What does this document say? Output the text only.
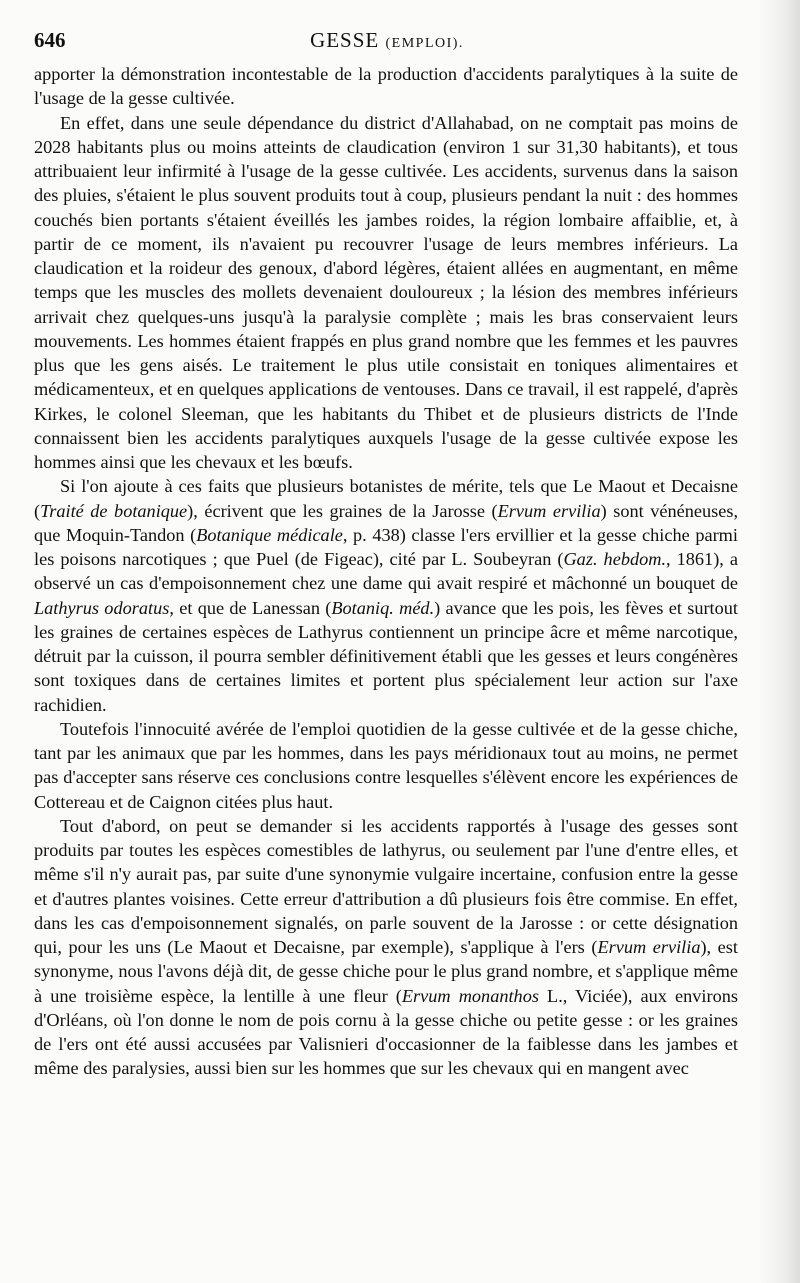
646	GESSE (EMPLOI).

apporter la démonstration incontestable de la production d'accidents paralytiques à la suite de l'usage de la gesse cultivée.

En effet, dans une seule dépendance du district d'Allahabad, on ne comptait pas moins de 2028 habitants plus ou moins atteints de claudication (environ 1 sur 31,30 habitants), et tous attribuaient leur infirmité à l'usage de la gesse cultivée. Les accidents, survenus dans la saison des pluies, s'étaient le plus souvent produits tout à coup, plusieurs pendant la nuit : des hommes couchés bien portants s'étaient éveillés les jambes roides, la région lombaire affaiblie, et, à partir de ce moment, ils n'avaient pu recouvrer l'usage de leurs membres inférieurs. La claudication et la roideur des genoux, d'abord légères, étaient allées en augmentant, en même temps que les muscles des mollets devenaient douloureux ; la lésion des membres inférieurs arrivait chez quelques-uns jusqu'à la paralysie complète ; mais les bras conservaient leurs mouvements. Les hommes étaient frappés en plus grand nombre que les femmes et les pauvres plus que les gens aisés. Le traitement le plus utile consistait en toniques alimentaires et médicamenteux, et en quelques applications de ventouses. Dans ce travail, il est rappelé, d'après Kirkes, le colonel Sleeman, que les habitants du Thibet et de plusieurs districts de l'Inde connaissent bien les accidents paralytiques auxquels l'usage de la gesse cultivée expose les hommes ainsi que les chevaux et les bœufs.

Si l'on ajoute à ces faits que plusieurs botanistes de mérite, tels que Le Maout et Decaisne (Traité de botanique), écrivent que les graines de la Jarosse (Ervum ervilia) sont vénéneuses, que Moquin-Tandon (Botanique médicale, p. 438) classe l'ers ervillier et la gesse chiche parmi les poisons narcotiques ; que Puel (de Figeac), cité par L. Soubeyran (Gaz. hebdom., 1861), a observé un cas d'empoisonnement chez une dame qui avait respiré et mâchonné un bouquet de Lathyrus odoratus, et que de Lanessan (Botaniq. méd.) avance que les pois, les fèves et surtout les graines de certaines espèces de Lathyrus contiennent un principe âcre et même narcotique, détruit par la cuisson, il pourra sembler définitivement établi que les gesses et leurs congénères sont toxiques dans de certaines limites et portent plus spécialement leur action sur l'axe rachidien.

Toutefois l'innocuité avérée de l'emploi quotidien de la gesse cultivée et de la gesse chiche, tant par les animaux que par les hommes, dans les pays méridionaux tout au moins, ne permet pas d'accepter sans réserve ces conclusions contre lesquelles s'élèvent encore les expériences de Cottereau et de Caignon citées plus haut.

Tout d'abord, on peut se demander si les accidents rapportés à l'usage des gesses sont produits par toutes les espèces comestibles de lathyrus, ou seulement par l'une d'entre elles, et même s'il n'y aurait pas, par suite d'une synonymie vulgaire incertaine, confusion entre la gesse et d'autres plantes voisines. Cette erreur d'attribution a dû plusieurs fois être commise. En effet, dans les cas d'empoisonnement signalés, on parle souvent de la Jarosse : or cette désignation qui, pour les uns (Le Maout et Decaisne, par exemple), s'applique à l'ers (Ervum ervilia), est synonyme, nous l'avons déjà dit, de gesse chiche pour le plus grand nombre, et s'applique même à une troisième espèce, la lentille à une fleur (Ervum monanthos L., Viciée), aux environs d'Orléans, où l'on donne le nom de pois cornu à la gesse chiche ou petite gesse : or les graines de l'ers ont été aussi accusées par Valisnieri d'occasionner de la faiblesse dans les jambes et même des paralysies, aussi bien sur les hommes que sur les chevaux qui en mangent avec
